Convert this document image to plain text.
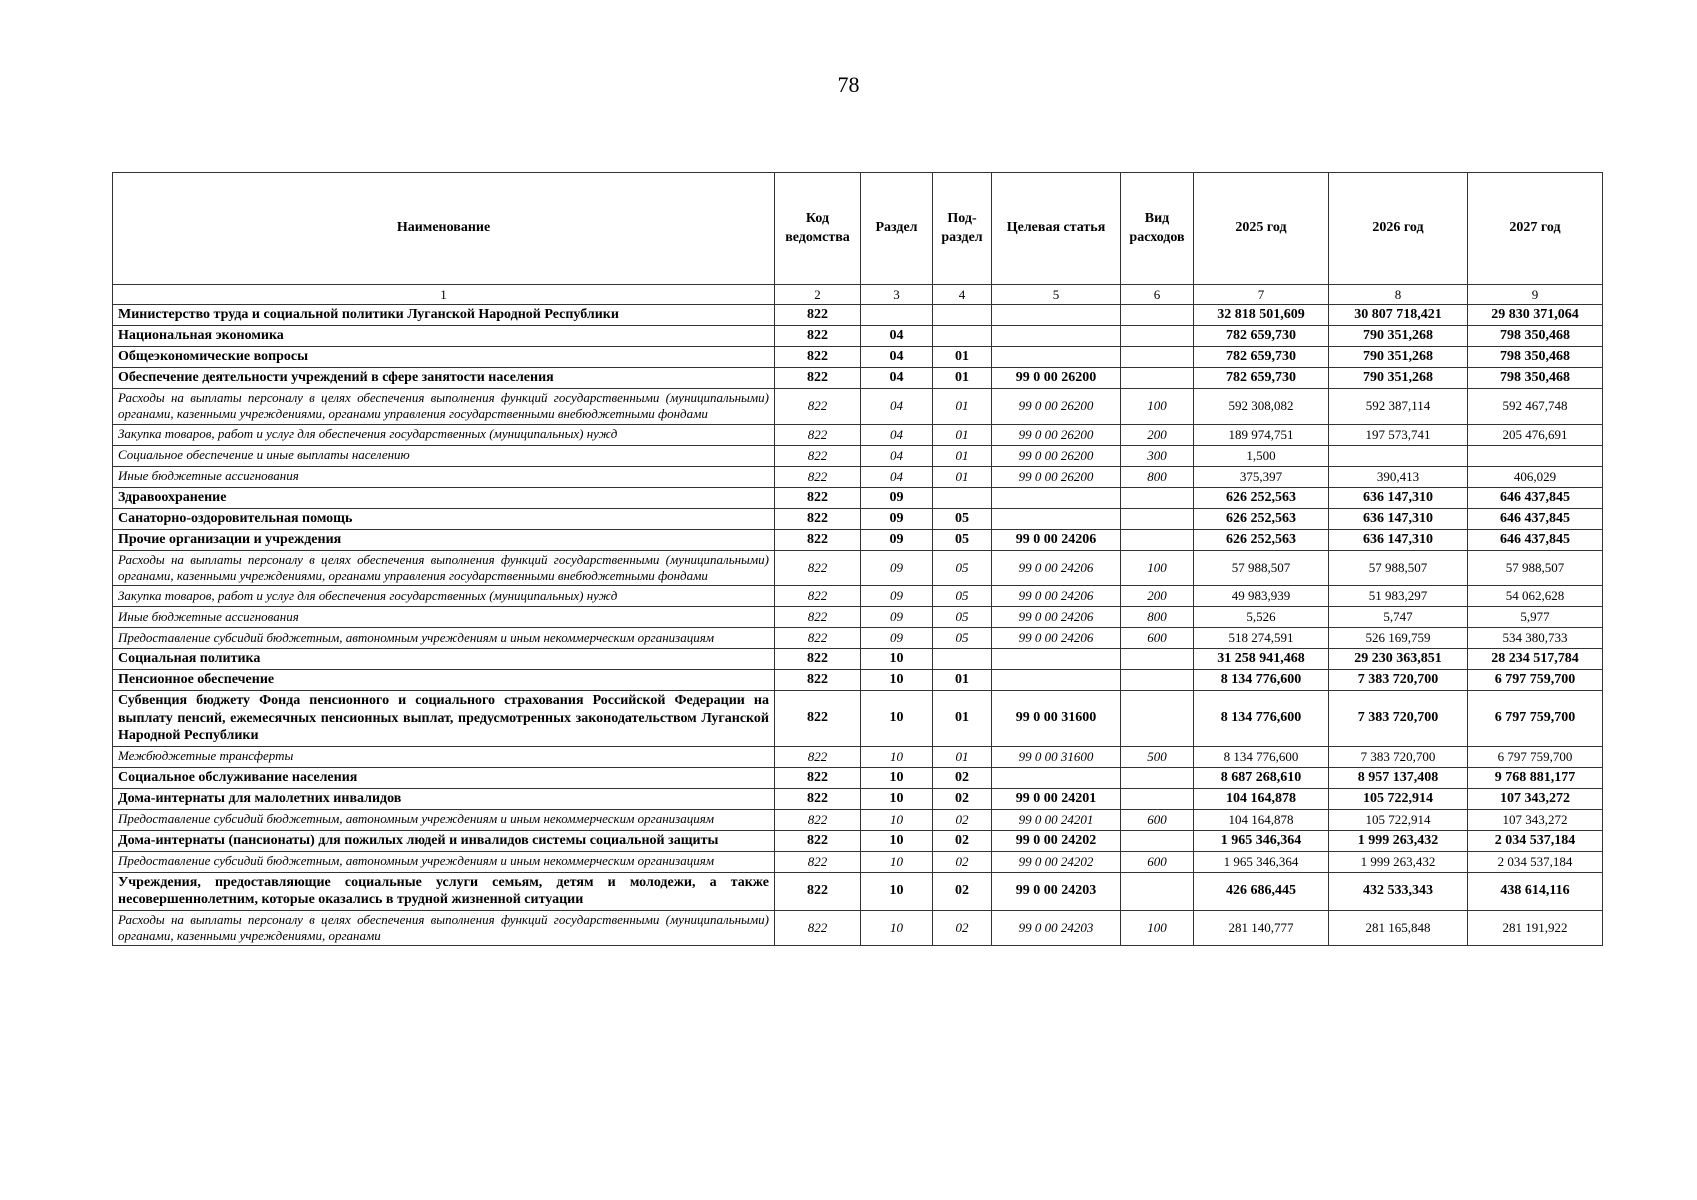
78
Наименование	Код ведомства	Раздел	Под-раздел	Целевая статья	Вид расходов	2025 год	2026 год	2027 год
1	2	3	4	5	6	7	8	9
Министерство труда и социальной политики Луганской Народной Республики	822					32 818 501,609	30 807 718,421	29 830 371,064
Национальная экономика	822	04				782 659,730	790 351,268	798 350,468
Общеэкономические вопросы	822	04	01			782 659,730	790 351,268	798 350,468
Обеспечение деятельности учреждений в сфере занятости населения	822	04	01	99 0 00 26200		782 659,730	790 351,268	798 350,468
Расходы на выплаты персоналу в целях обеспечения выполнения функций государственными (муниципальными) органами, казенными учреждениями, органами управления государственными внебюджетными фондами	822	04	01	99 0 00 26200	100	592 308,082	592 387,114	592 467,748
Закупка товаров, работ и услуг для обеспечения государственных (муниципальных) нужд	822	04	01	99 0 00 26200	200	189 974,751	197 573,741	205 476,691
Социальное обеспечение и иные выплаты населению	822	04	01	99 0 00 26200	300	1,500		
Иные бюджетные ассигнования	822	04	01	99 0 00 26200	800	375,397	390,413	406,029
Здравоохранение	822	09				626 252,563	636 147,310	646 437,845
Санаторно-оздоровительная помощь	822	09	05			626 252,563	636 147,310	646 437,845
Прочие организации и учреждения	822	09	05	99 0 00 24206		626 252,563	636 147,310	646 437,845
Расходы на выплаты персоналу в целях обеспечения выполнения функций государственными (муниципальными) органами, казенными учреждениями, органами управления государственными внебюджетными фондами	822	09	05	99 0 00 24206	100	57 988,507	57 988,507	57 988,507
Закупка товаров, работ и услуг для обеспечения государственных (муниципальных) нужд	822	09	05	99 0 00 24206	200	49 983,939	51 983,297	54 062,628
Иные бюджетные ассигнования	822	09	05	99 0 00 24206	800	5,526	5,747	5,977
Предоставление субсидий бюджетным, автономным учреждениям и иным некоммерческим организациям	822	09	05	99 0 00 24206	600	518 274,591	526 169,759	534 380,733
Социальная политика	822	10				31 258 941,468	29 230 363,851	28 234 517,784
Пенсионное обеспечение	822	10	01			8 134 776,600	7 383 720,700	6 797 759,700
Субвенция бюджету Фонда пенсионного и социального страхования Российской Федерации на выплату пенсий, ежемесячных пенсионных выплат, предусмотренных законодательством Луганской Народной Республики	822	10	01	99 0 00 31600		8 134 776,600	7 383 720,700	6 797 759,700
Межбюджетные трансферты	822	10	01	99 0 00 31600	500	8 134 776,600	7 383 720,700	6 797 759,700
Социальное обслуживание населения	822	10	02			8 687 268,610	8 957 137,408	9 768 881,177
Дома-интернаты для малолетних инвалидов	822	10	02	99 0 00 24201		104 164,878	105 722,914	107 343,272
Предоставление субсидий бюджетным, автономным учреждениям и иным некоммерческим организациям	822	10	02	99 0 00 24201	600	104 164,878	105 722,914	107 343,272
Дома-интернаты (пансионаты) для пожилых людей и инвалидов системы социальной защиты	822	10	02	99 0 00 24202		1 965 346,364	1 999 263,432	2 034 537,184
Предоставление субсидий бюджетным, автономным учреждениям и иным некоммерческим организациям	822	10	02	99 0 00 24202	600	1 965 346,364	1 999 263,432	2 034 537,184
Учреждения, предоставляющие социальные услуги семьям, детям и молодежи, а также несовершеннолетним, которые оказались в трудной жизненной ситуации	822	10	02	99 0 00 24203		426 686,445	432 533,343	438 614,116
Расходы на выплаты персоналу в целях обеспечения выполнения функций государственными (муниципальными) органами, казенными учреждениями, органами	822	10	02	99 0 00 24203	100	281 140,777	281 165,848	281 191,922
